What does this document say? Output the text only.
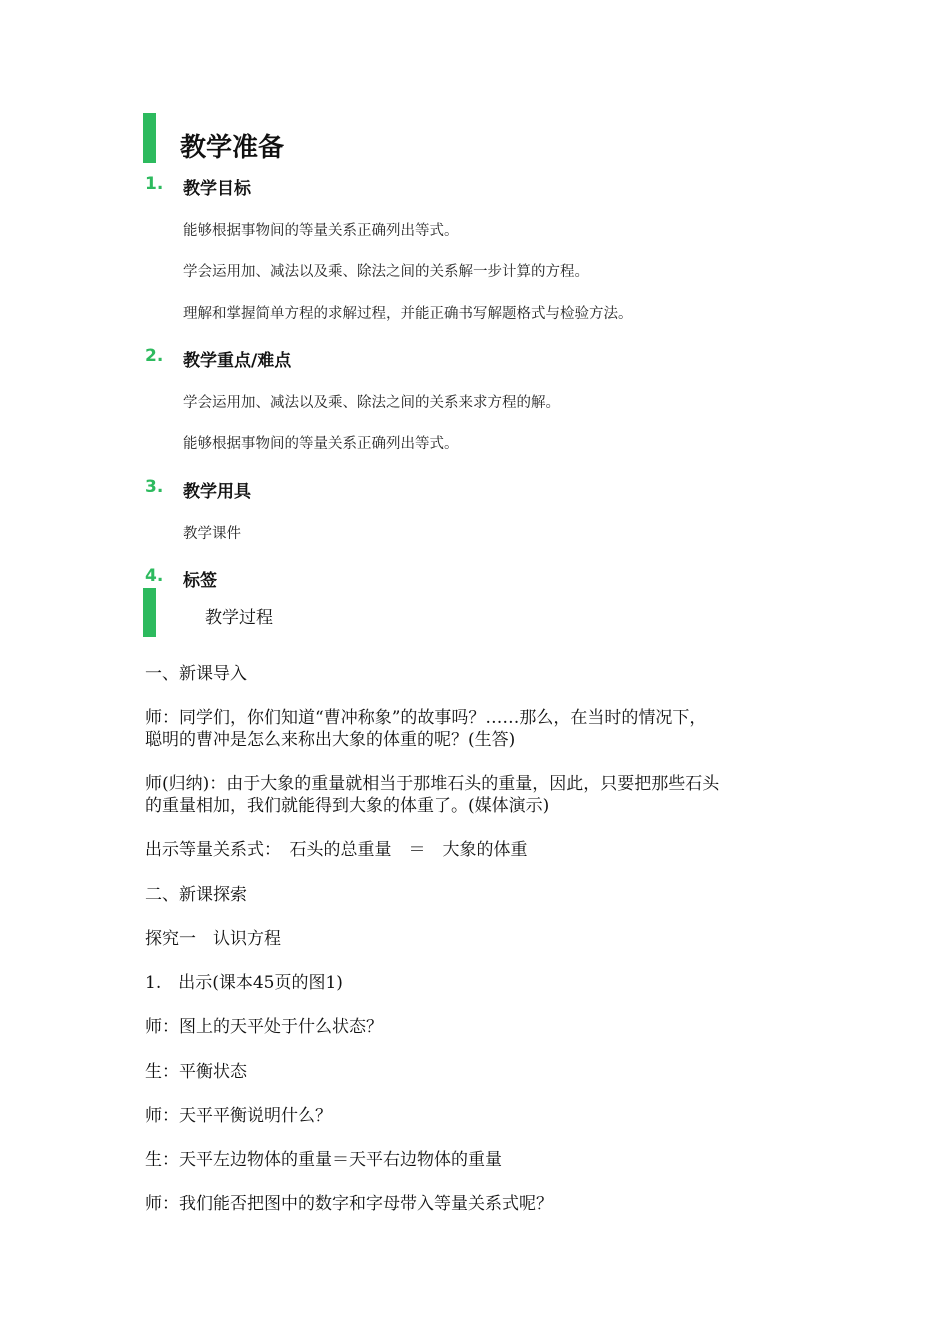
教学准备
1. 教学目标
能够根据事物间的等量关系正确列出等式。
学会运用加、减法以及乘、除法之间的关系解一步计算的方程。
理解和掌握简单方程的求解过程，并能正确书写解题格式与检验方法。
2. 教学重点/难点
学会运用加、减法以及乘、除法之间的关系来求方程的解。
能够根据事物间的等量关系正确列出等式。
3. 教学用具
教学课件
4. 标签
教学过程
一、新课导入
师：同学们，你们知道“曹冲称象”的故事吗？……那么，在当时的情况下，
聪明的曹冲是怎么来称出大象的体重的呢？(生答)
师(归纳)：由于大象的重量就相当于那堆石头的重量，因此，只要把那些石头
的重量相加，我们就能得到大象的体重了。(媒体演示)
出示等量关系式：　石头的总重量　＝　大象的体重
二、新课探索
探究一　认识方程
1.　出示(课本45页的图1)
师：图上的天平处于什么状态？
生：平衡状态
师：天平平衡说明什么？
生：天平左边物体的重量＝天平右边物体的重量
师：我们能否把图中的数字和字母带入等量关系式呢？
